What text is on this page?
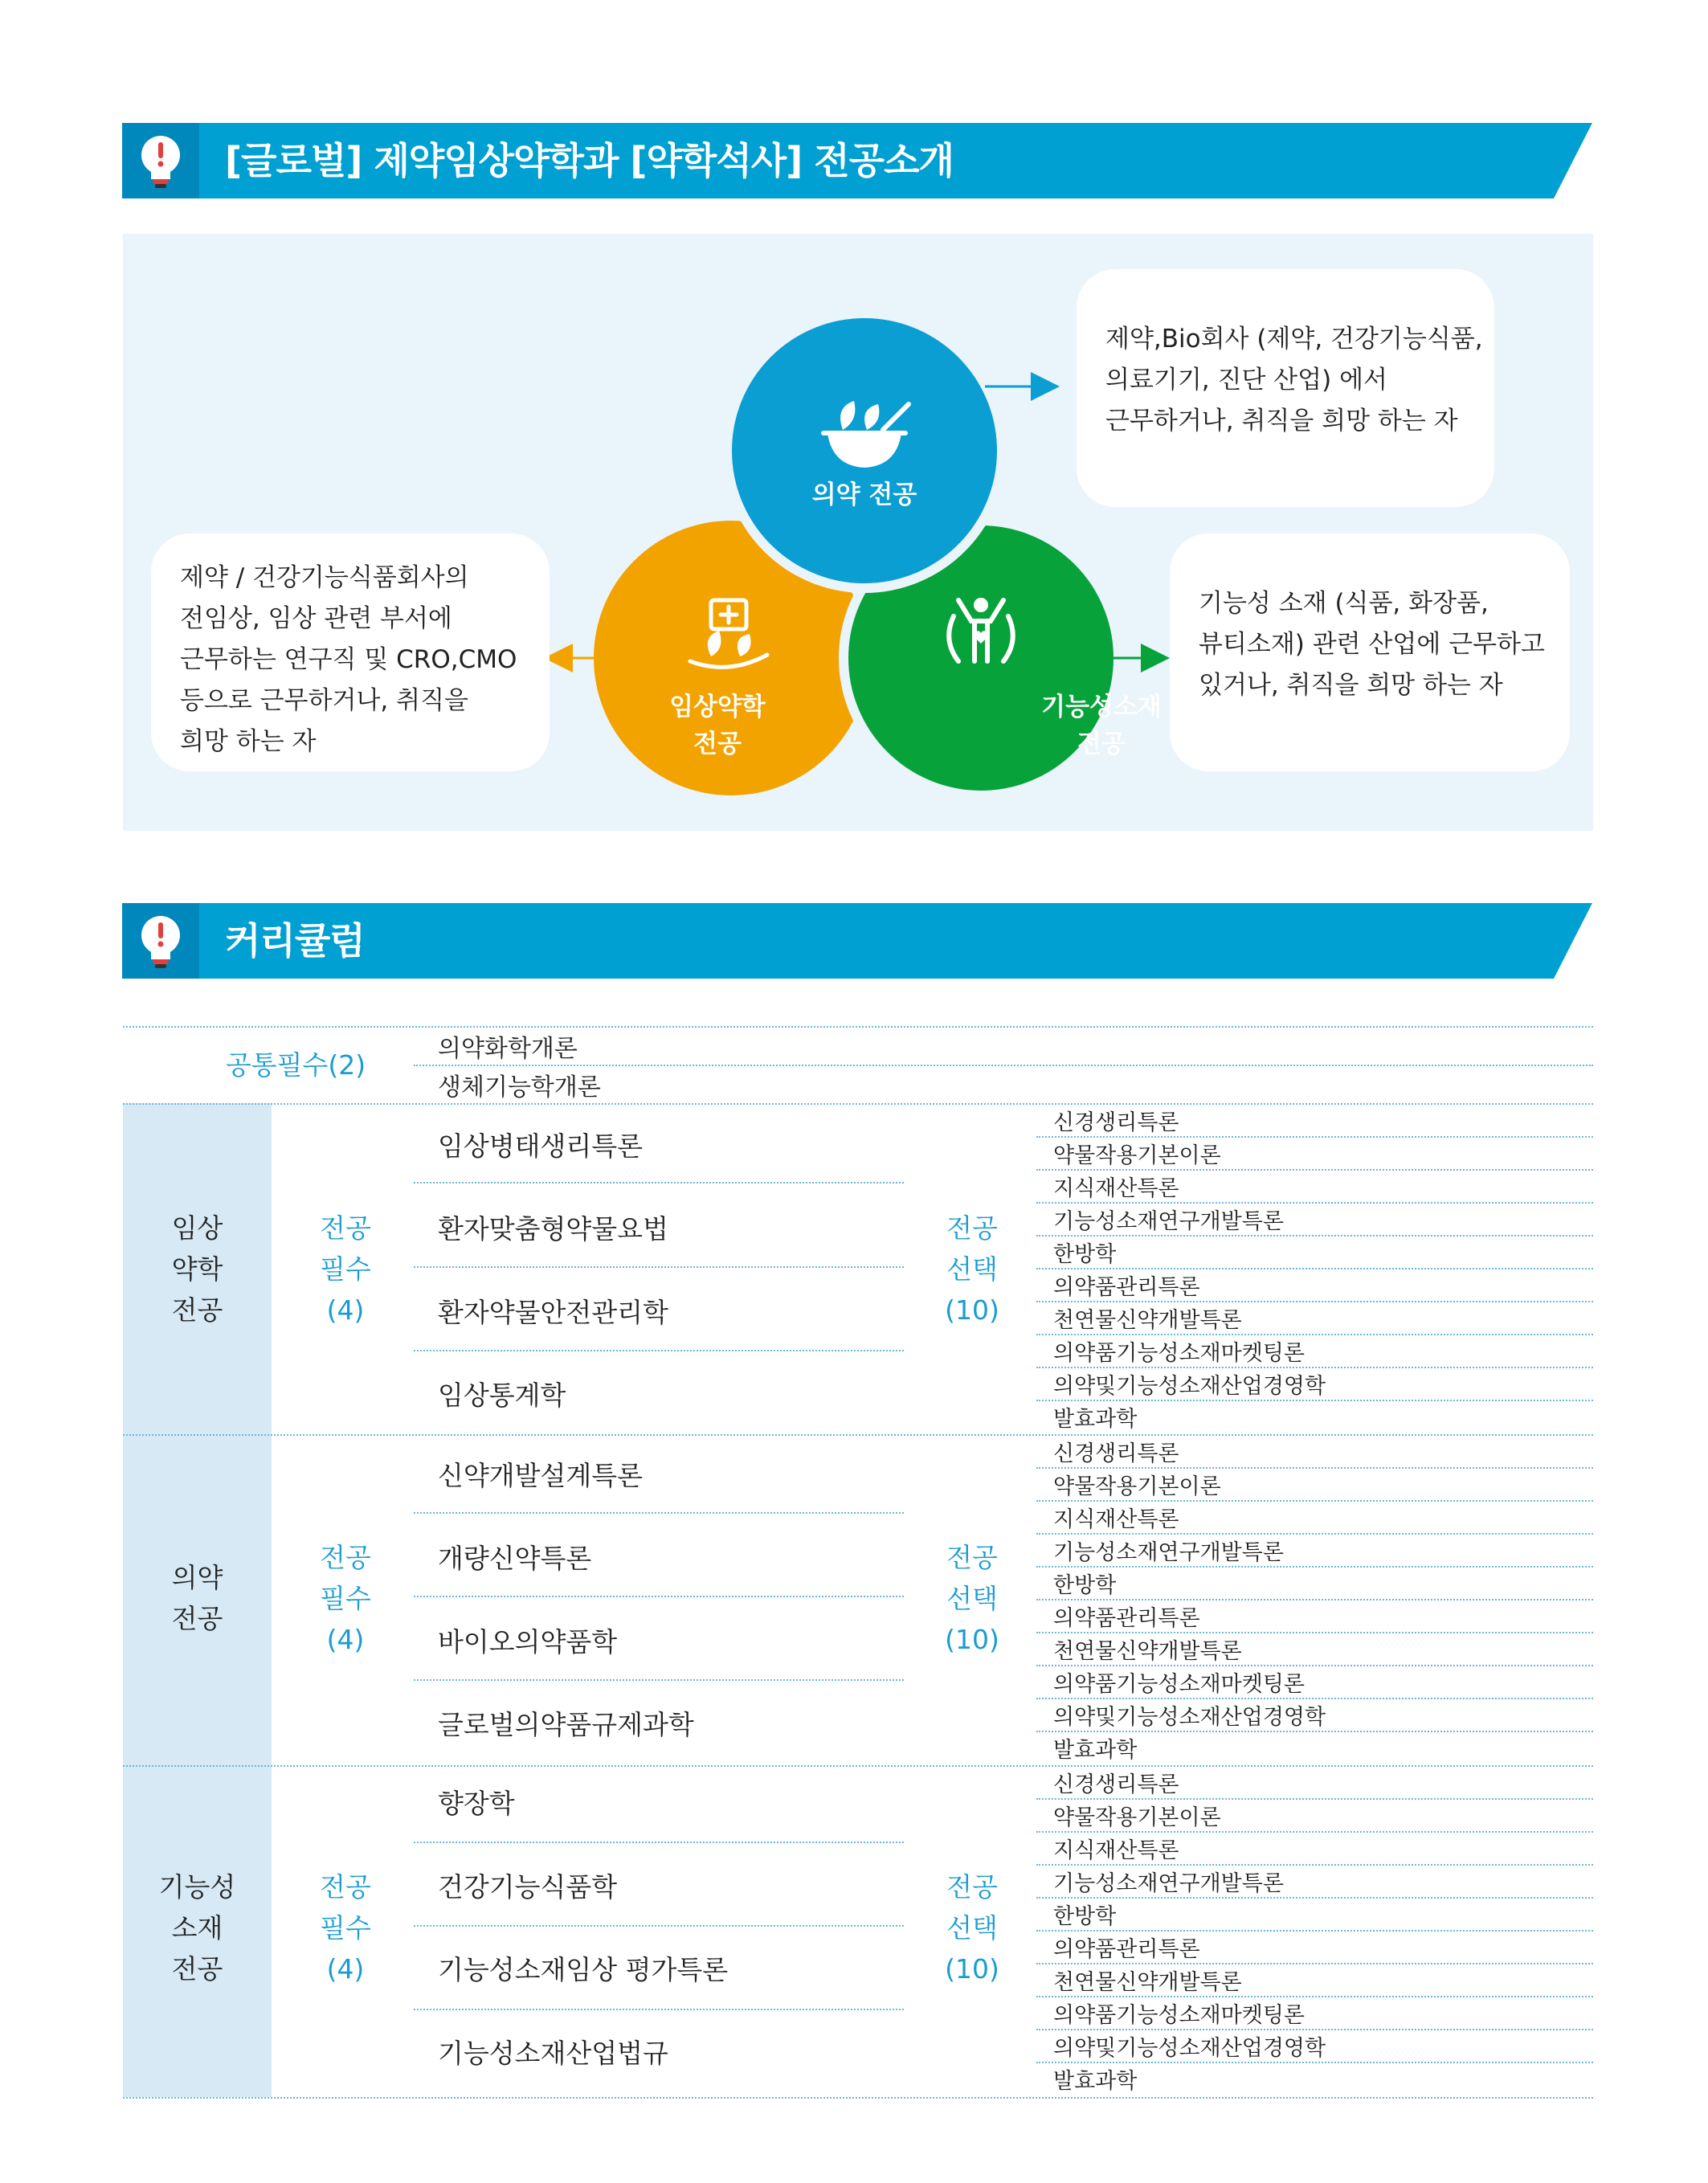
[글로벌] 제약임상약학과 [약학석사] 전공소개
의약 전공
임상약학
전공
기능성소재
전공
제약,Bio회사 (제약, 건강기능식품,
의료기기, 진단 산업) 에서
근무하거나, 취직을 희망 하는 자
제약 / 건강기능식품회사의
전임상, 임상 관련 부서에
근무하는 연구직 및 CRO,CMO
등으로 근무하거나, 취직을
희망 하는 자
기능성 소재 (식품, 화장품,
뷰티소재) 관련 산업에 근무하고
있거나, 취직을 희망 하는 자
커리큘럼
공통필수(2)
의약화학개론
생체기능학개론
임상
약학
전공
전공
필수
(4)
임상병태생리특론
환자맞춤형약물요법
환자약물안전관리학
임상통계학
전공
선택
(10)
신경생리특론
약물작용기본이론
지식재산특론
기능성소재연구개발특론
한방학
의약품관리특론
천연물신약개발특론
의약품기능성소재마켓팅론
의약및기능성소재산업경영학
발효과학
의약
전공
전공
필수
(4)
신약개발설계특론
개량신약특론
바이오의약품학
글로벌의약품규제과학
전공
선택
(10)
신경생리특론
약물작용기본이론
지식재산특론
기능성소재연구개발특론
한방학
의약품관리특론
천연물신약개발특론
의약품기능성소재마켓팅론
의약및기능성소재산업경영학
발효과학
기능성
소재
전공
전공
필수
(4)
향장학
건강기능식품학
기능성소재임상 평가특론
기능성소재산업법규
전공
선택
(10)
신경생리특론
약물작용기본이론
지식재산특론
기능성소재연구개발특론
한방학
의약품관리특론
천연물신약개발특론
의약품기능성소재마켓팅론
의약및기능성소재산업경영학
발효과학
